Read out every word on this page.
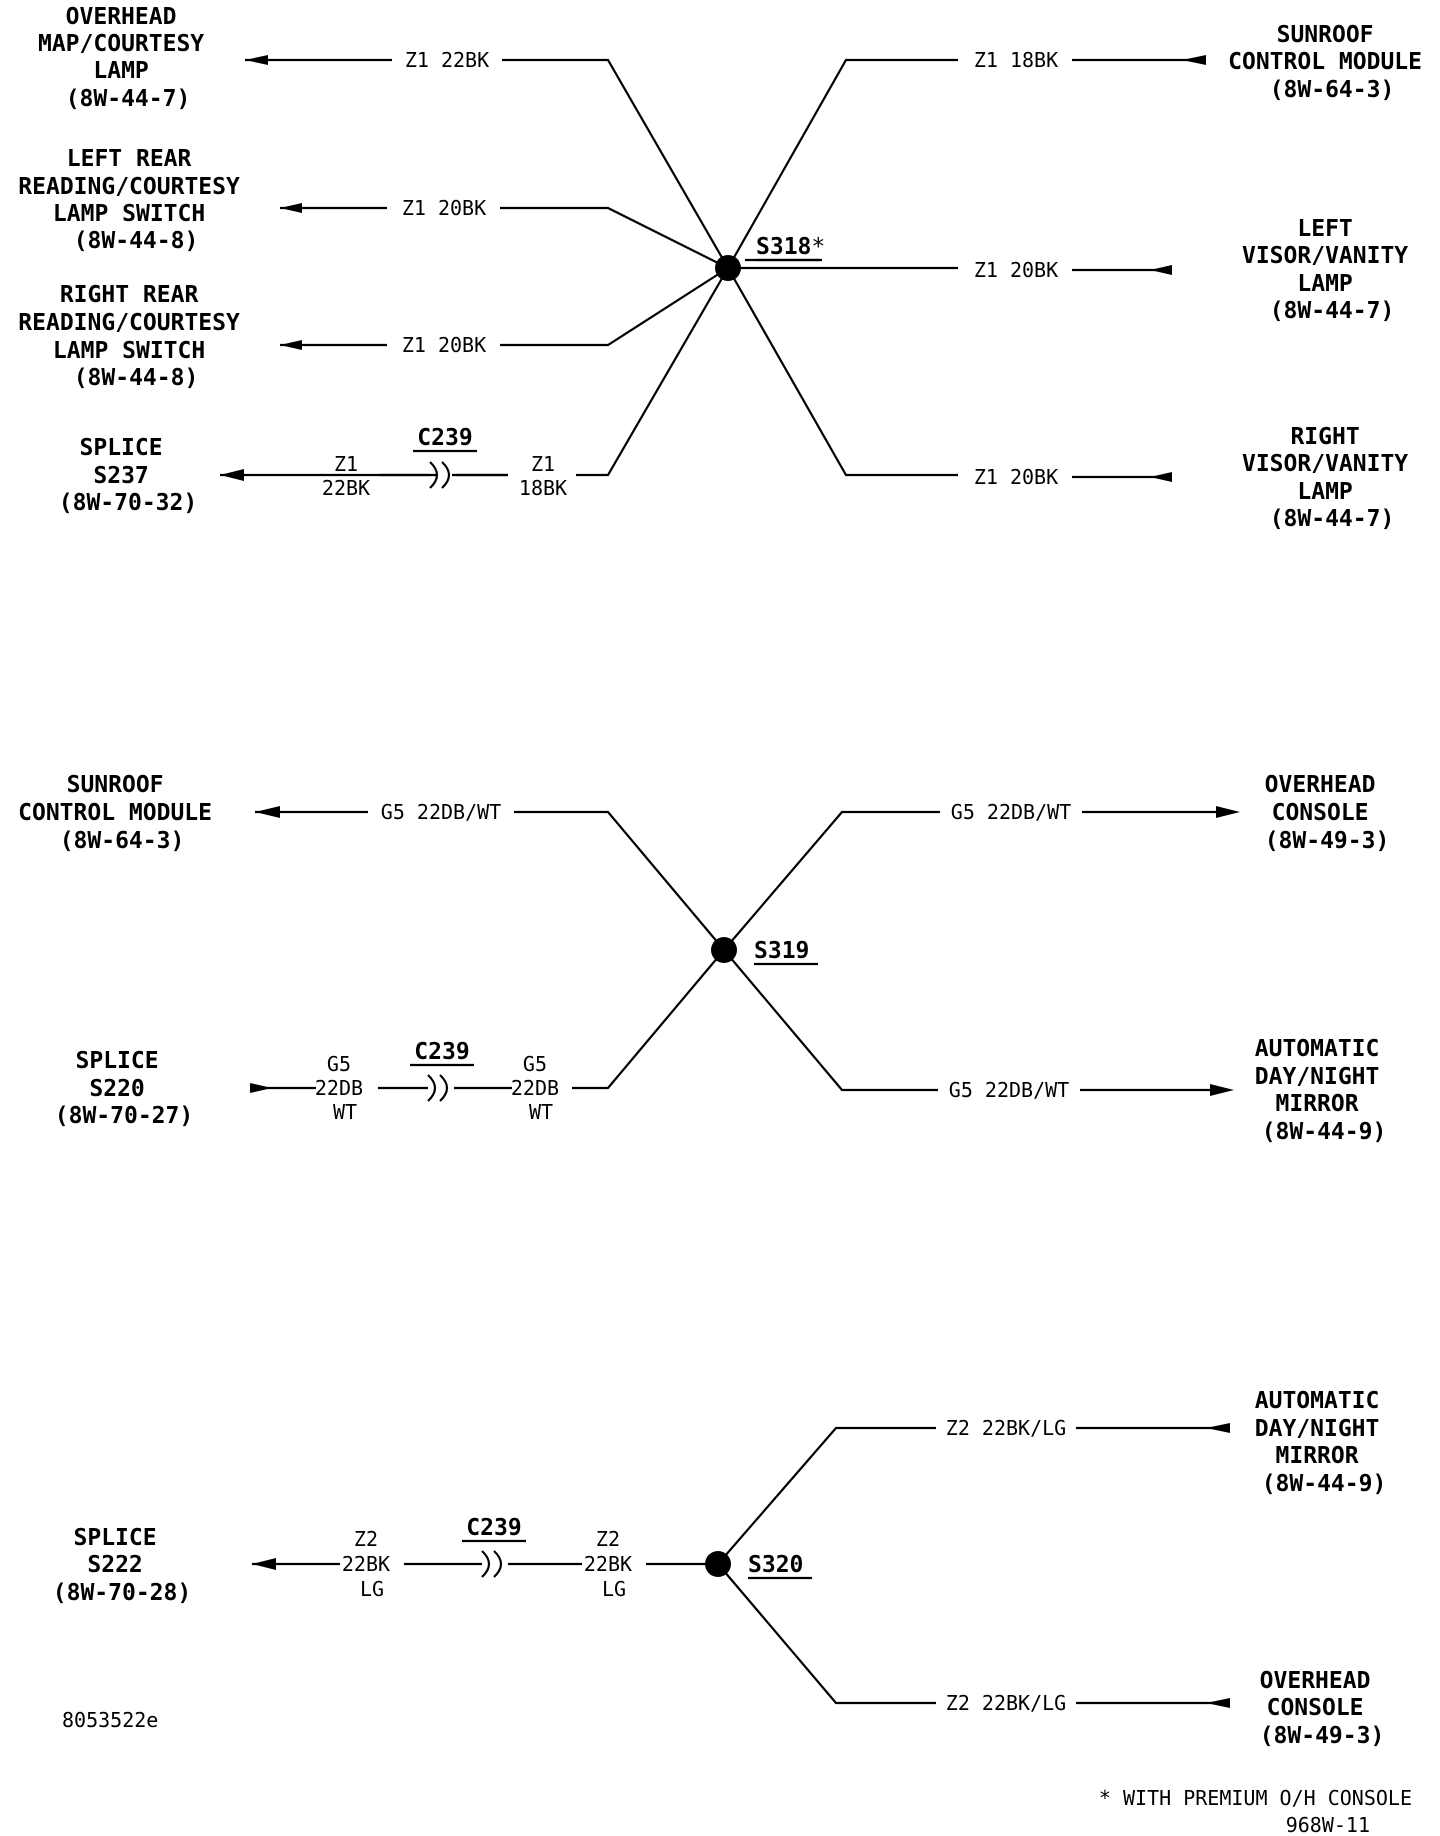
S318*
Z1 22BK
Z1 20BK
Z1 20BK
Z1
22BK
Z1
18BK
C239
Z1 18BK
Z1 20BK
Z1 20BK
OVERHEAD MAP/COURTESY LAMP (8W-44-7)
LEFT REAR READING/COURTESY LAMP SWITCH (8W-44-8)
RIGHT REAR READING/COURTESY LAMP SWITCH (8W-44-8)
SPLICE S237 (8W-70-32)
SUNROOF CONTROL MODULE (8W-64-3)
LEFT VISOR/VANITY LAMP (8W-44-7)
RIGHT VISOR/VANITY LAMP (8W-44-7)
S319
G5 22DB/WT	G5 22DB/WT
G5 22DB/WT
G5 22DB WT
G5 22DB WT
C239
SUNROOF CONTROL MODULE (8W-64-3)
SPLICE S220 (8W-70-27)
OVERHEAD CONSOLE (8W-49-3)
AUTOMATIC DAY/NIGHT MIRROR (8W-44-9)
S320
Z2 22BK LG
Z2 22BK LG
C239
Z2 22BK/LG
Z2 22BK/LG
SPLICE S222 (8W-70-28)
AUTOMATIC DAY/NIGHT MIRROR (8W-44-9)
OVERHEAD CONSOLE (8W-49-3)
8053522e
* WITH PREMIUM O/H CONSOLE
968W-11
